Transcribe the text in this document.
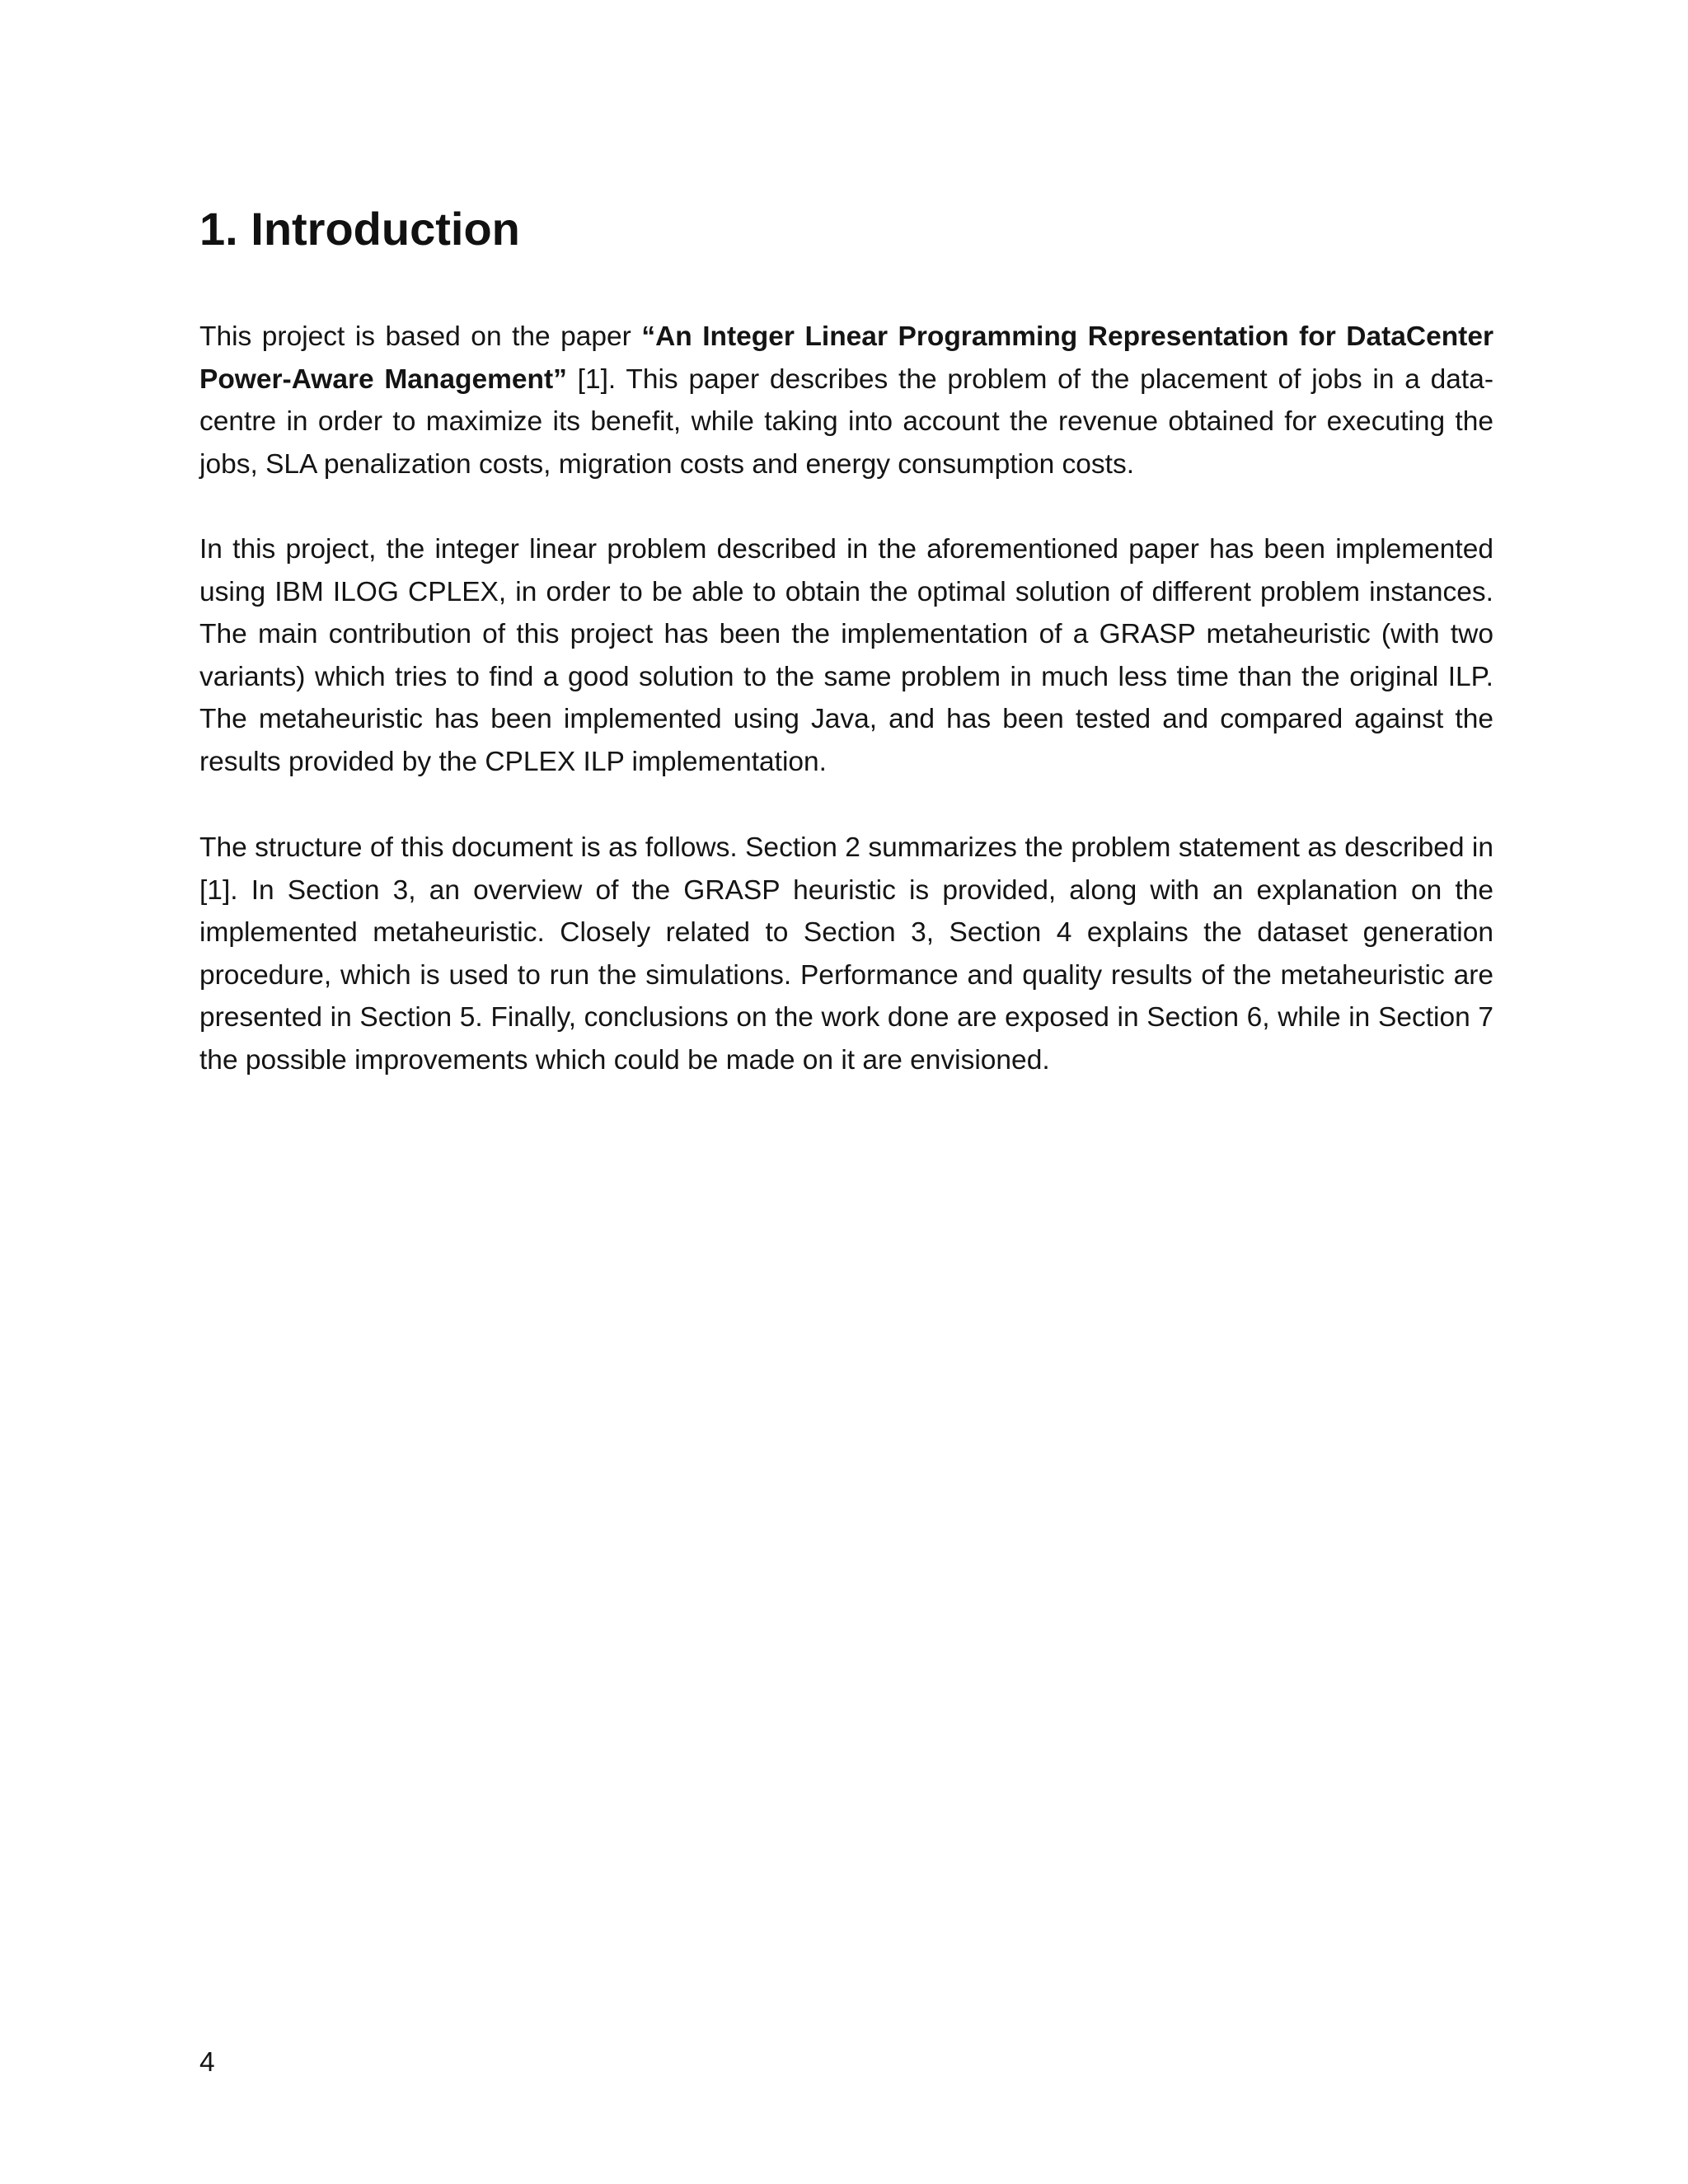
1. Introduction

This project is based on the paper “An Integer Linear Programming Representation for DataCenter Power-Aware Management” [1]. This paper describes the problem of the placement of jobs in a data-centre in order to maximize its benefit, while taking into account the revenue obtained for executing the jobs, SLA penalization costs, migration costs and energy consumption costs.

In this project, the integer linear problem described in the aforementioned paper has been implemented using IBM ILOG CPLEX, in order to be able to obtain the optimal solution of different problem instances. The main contribution of this project has been the implementation of a GRASP metaheuristic (with two variants) which tries to find a good solution to the same problem in much less time than the original ILP. The metaheuristic has been implemented using Java, and has been tested and compared against the results provided by the CPLEX ILP implementation.

The structure of this document is as follows. Section 2 summarizes the problem statement as described in [1]. In Section 3, an overview of the GRASP heuristic is provided, along with an explanation on the implemented metaheuristic. Closely related to Section 3, Section 4 explains the dataset generation procedure, which is used to run the simulations. Performance and quality results of the metaheuristic are presented in Section 5. Finally, conclusions on the work done are exposed in Section 6, while in Section 7 the possible improvements which could be made on it are envisioned.

4
